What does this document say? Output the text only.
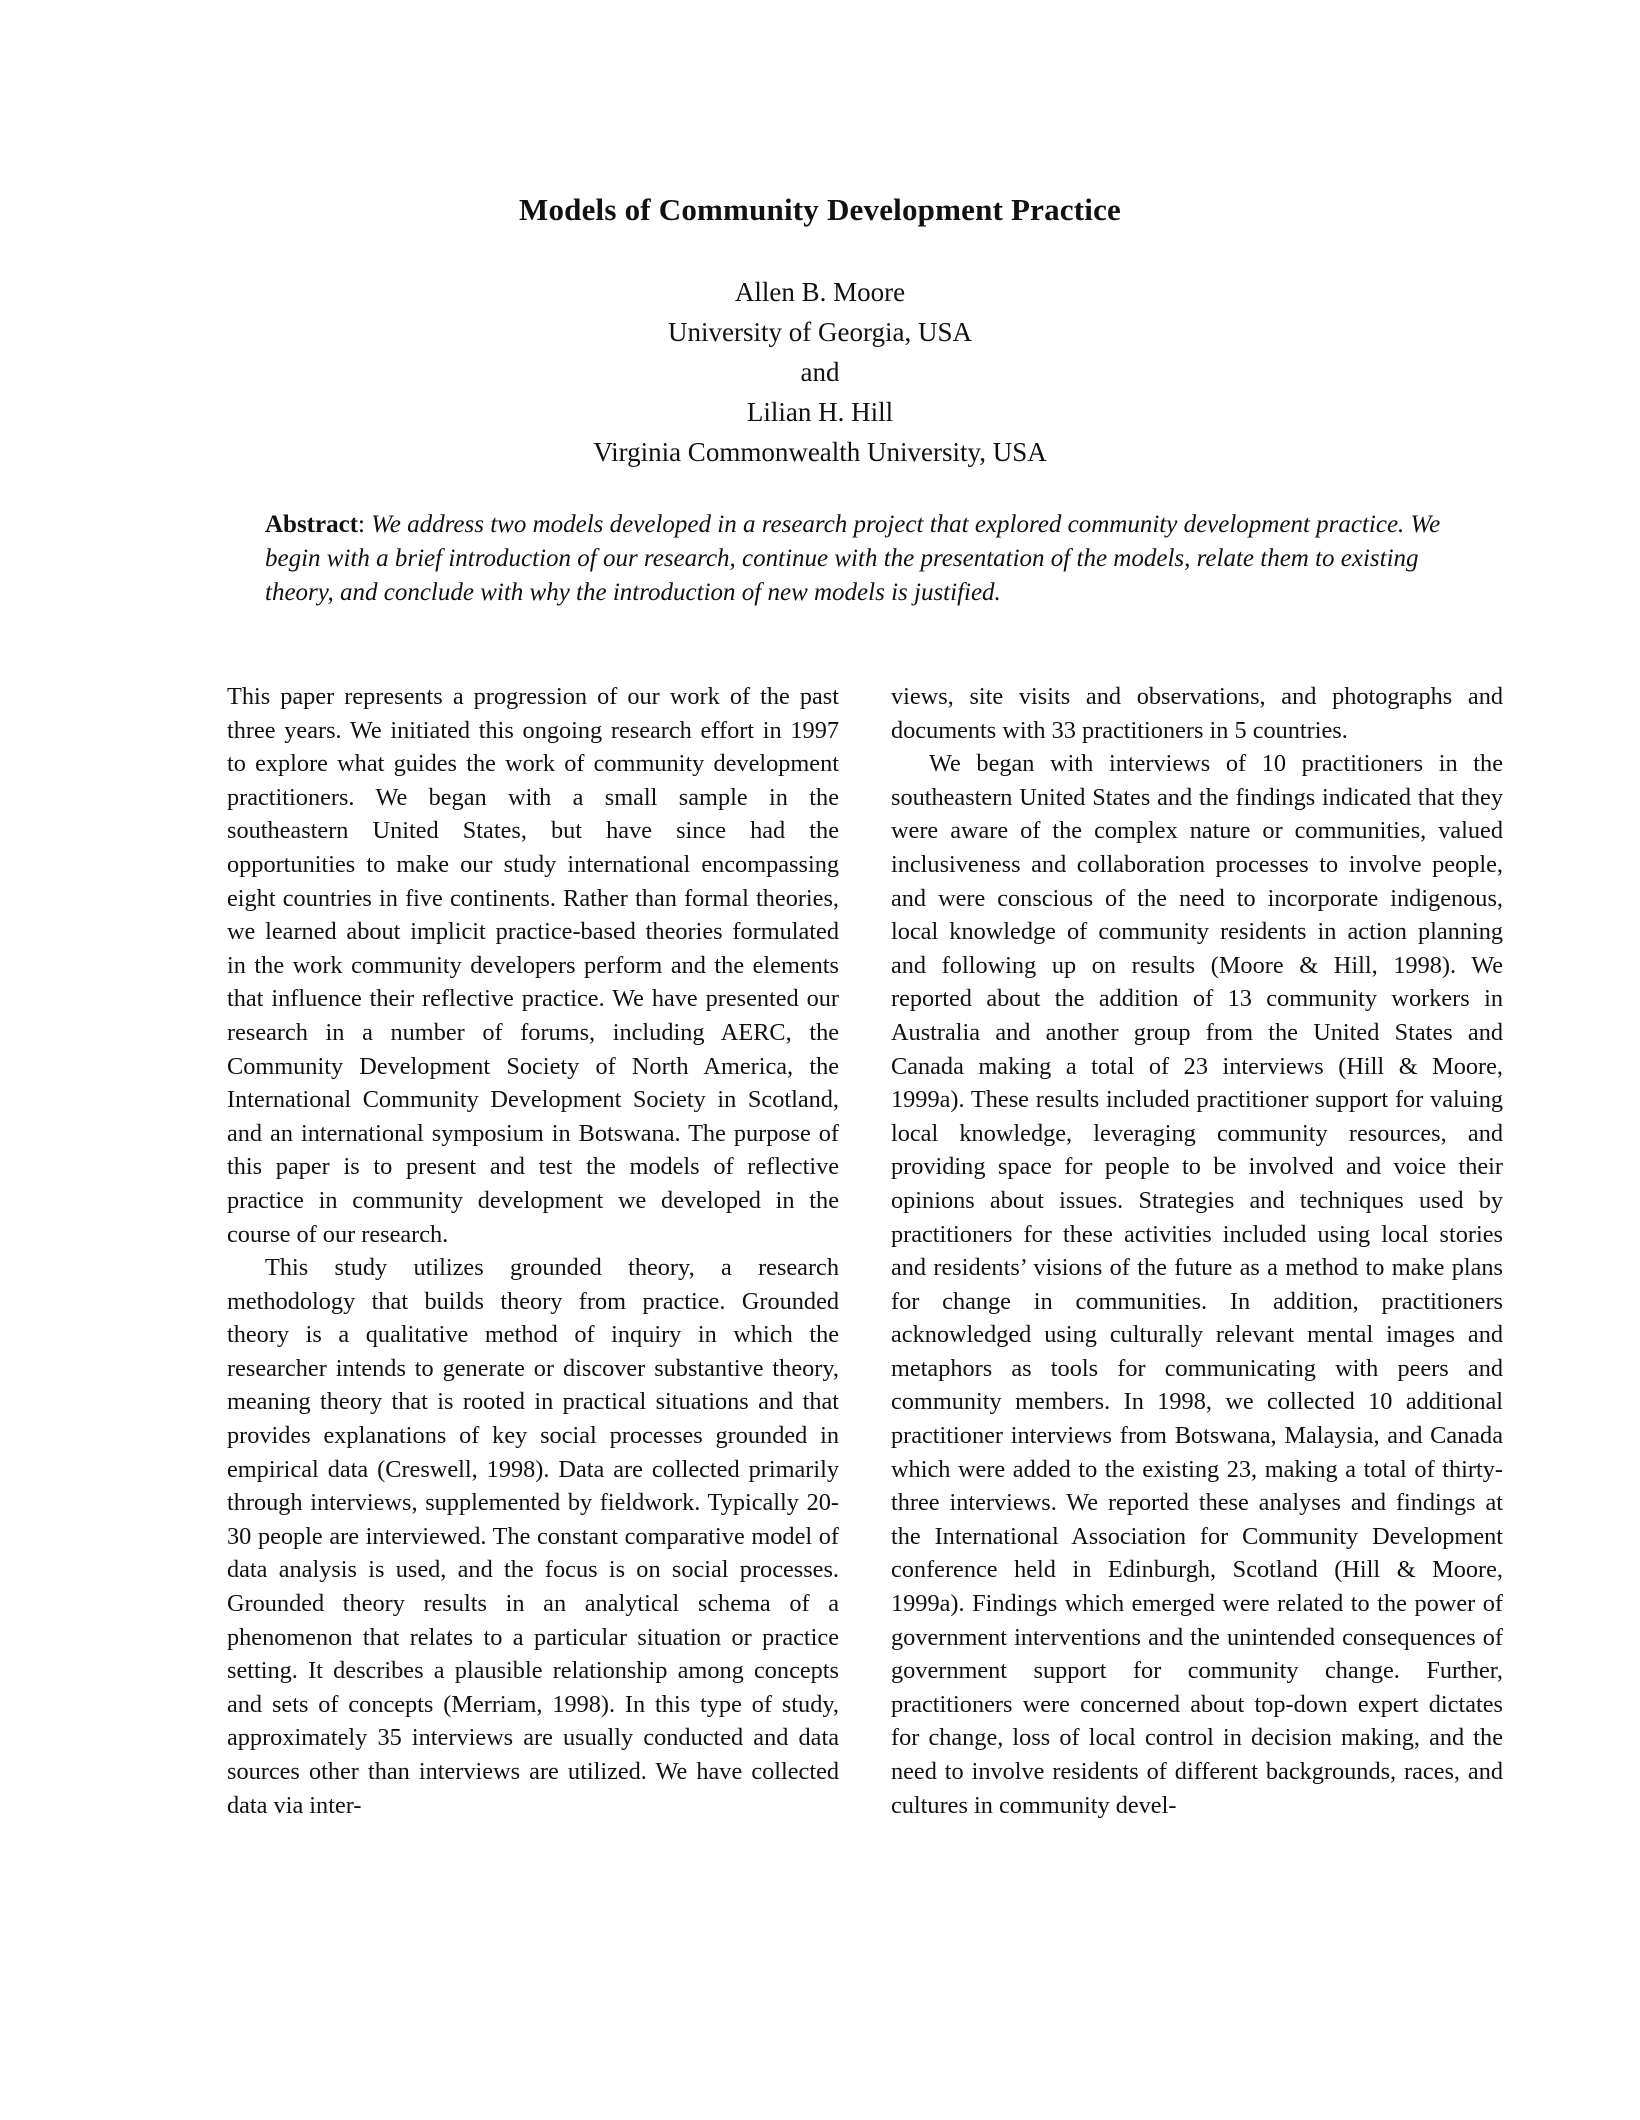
Models of Community Development Practice
Allen B. Moore
University of Georgia, USA
and
Lilian H. Hill
Virginia Commonwealth University, USA
Abstract: We address two models developed in a research project that explored community development practice. We begin with a brief introduction of our research, continue with the presentation of the models, relate them to existing theory, and conclude with why the introduction of new models is justified.

This paper represents a progression of our work of the past three years. We initiated this ongoing research effort in 1997 to explore what guides the work of community development practitioners. We began with a small sample in the southeastern United States, but have since had the opportunities to make our study international encompassing eight countries in five continents. Rather than formal theories, we learned about implicit practice-based theories formulated in the work community developers perform and the elements that influence their reflective practice. We have presented our research in a number of forums, including AERC, the Community Development Society of North America, the International Community Development Society in Scotland, and an international symposium in Botswana. The purpose of this paper is to present and test the models of reflective practice in community development we developed in the course of our research.

This study utilizes grounded theory, a research methodology that builds theory from practice. Grounded theory is a qualitative method of inquiry in which the researcher intends to generate or discover substantive theory, meaning theory that is rooted in practical situations and that provides explanations of key social processes grounded in empirical data (Creswell, 1998). Data are collected primarily through interviews, supplemented by fieldwork. Typically 20-30 people are interviewed. The constant comparative model of data analysis is used, and the focus is on social processes. Grounded theory results in an analytical schema of a phenomenon that relates to a particular situation or practice setting. It describes a plausible relationship among concepts and sets of concepts (Merriam, 1998). In this type of study, approximately 35 interviews are usually conducted and data sources other than interviews are utilized. We have collected data via inter-

views, site visits and observations, and photographs and documents with 33 practitioners in 5 countries.

We began with interviews of 10 practitioners in the southeastern United States and the findings indicated that they were aware of the complex nature or communities, valued inclusiveness and collaboration processes to involve people, and were conscious of the need to incorporate indigenous, local knowledge of community residents in action planning and following up on results (Moore & Hill, 1998). We reported about the addition of 13 community workers in Australia and another group from the United States and Canada making a total of 23 interviews (Hill & Moore, 1999a). These results included practitioner support for valuing local knowledge, leveraging community resources, and providing space for people to be involved and voice their opinions about issues. Strategies and techniques used by practitioners for these activities included using local stories and residents’ visions of the future as a method to make plans for change in communities. In addition, practitioners acknowledged using culturally relevant mental images and metaphors as tools for communicating with peers and community members. In 1998, we collected 10 additional practitioner interviews from Botswana, Malaysia, and Canada which were added to the existing 23, making a total of thirty-three interviews. We reported these analyses and findings at the International Association for Community Development conference held in Edinburgh, Scotland (Hill & Moore, 1999a). Findings which emerged were related to the power of government interventions and the unintended consequences of government support for community change. Further, practitioners were concerned about top-down expert dictates for change, loss of local control in decision making, and the need to involve residents of different backgrounds, races, and cultures in community devel-
